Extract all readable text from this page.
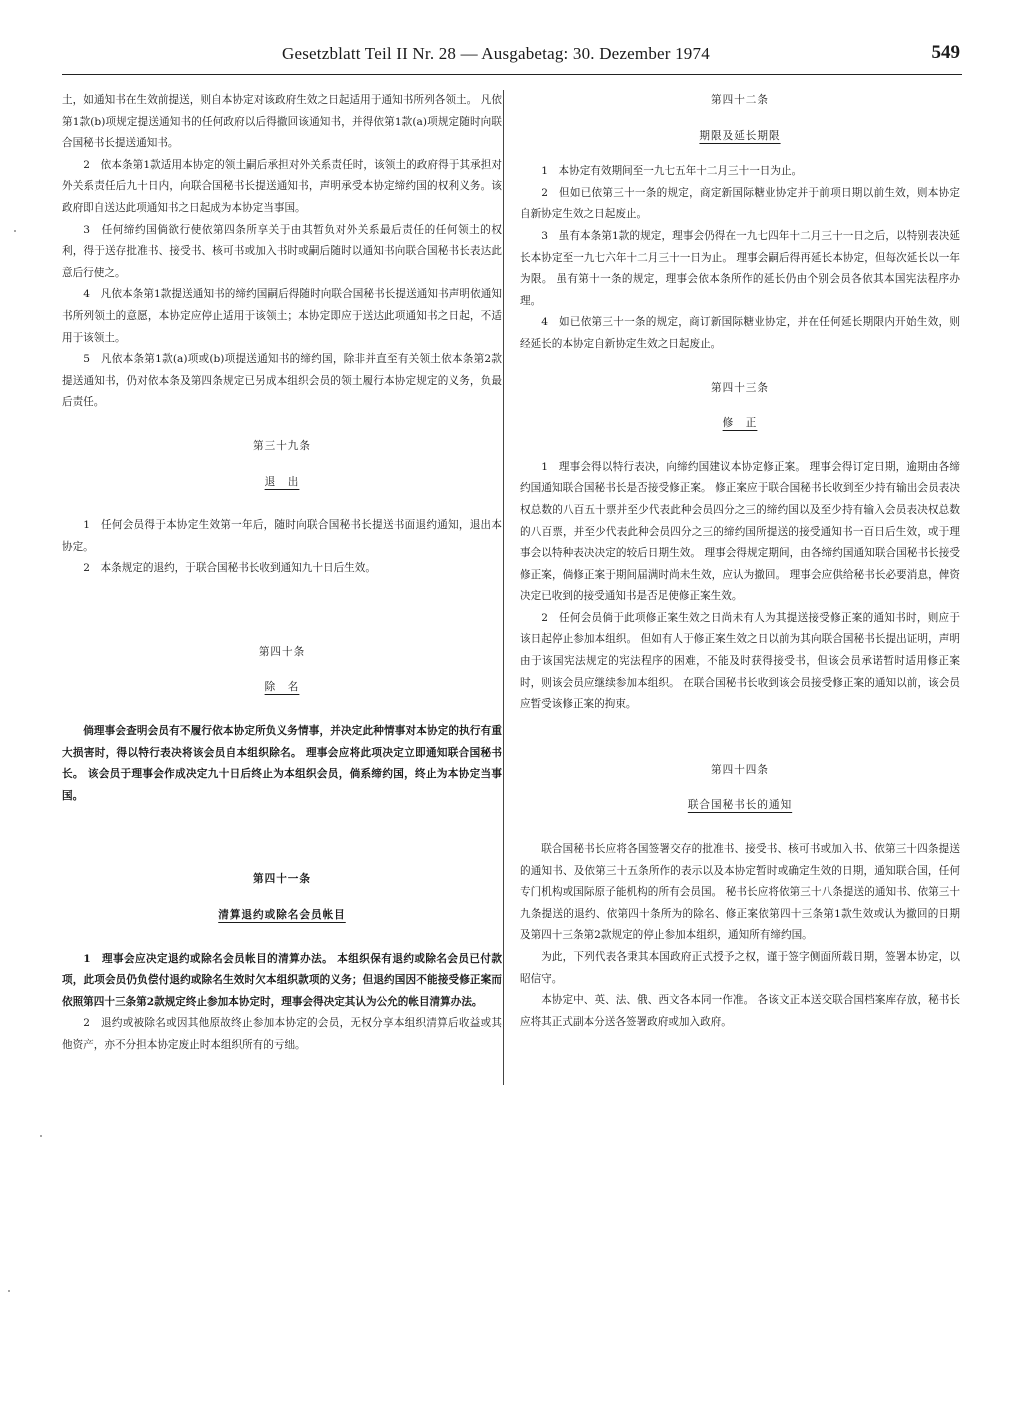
Gesetzblatt Teil II Nr. 28 — Ausgabetag: 30. Dezember 1974	549

土，如通知书在生效前提送，则自本协定对该政府生效之日起适用于通知书所列各领土。 凡依第1款(b)项规定提送通知书的任何政府以后得撤回该通知书，并得依第1款(a)项规定随时向联合国秘书长提送通知书。

2　依本条第1款适用本协定的领土嗣后承担对外关系责任时，该领土的政府得于其承担对外关系责任后九十日内，向联合国秘书长提送通知书，声明承受本协定缔约国的权利义务。该政府即自送达此项通知书之日起成为本协定当事国。

3　任何缔约国倘欲行使依第四条所享关于由其暂负对外关系最后责任的任何领土的权利，得于送存批准书、接受书、核可书或加入书时或嗣后随时以通知书向联合国秘书长表达此意后行使之。

4　凡依本条第1款提送通知书的缔约国嗣后得随时向联合国秘书长提送通知书声明依通知书所列领土的意愿，本协定应停止适用于该领土；本协定即应于送达此项通知书之日起，不适用于该领土。

5　凡依本条第1款(a)项或(b)项提送通知书的缔约国，除非并直至有关领土依本条第2款提送通知书，仍对依本条及第四条规定已另成本组织会员的领土履行本协定规定的义务，负最后责任。

第三十九条

退　出

1　任何会员得于本协定生效第一年后，随时向联合国秘书长提送书面退约通知，退出本协定。

2　本条规定的退约，于联合国秘书长收到通知九十日后生效。

第四十条

除　名

倘理事会查明会员有不履行依本协定所负义务情事，并决定此种情事对本协定的执行有重大损害时，得以特行表决将该会员自本组织除名。 理事会应将此项决定立即通知联合国秘书长。 该会员于理事会作成决定九十日后终止为本组织会员，倘系缔约国，终止为本协定当事国。

第四十一条

清算退约或除名会员帐目

1　理事会应决定退约或除名会员帐目的清算办法。 本组织保有退约或除名会员已付款项，此项会员仍负偿付退约或除名生效时欠本组织款项的义务；但退约国因不能接受修正案而依照第四十三条第2款规定终止参加本协定时，理事会得决定其认为公允的帐目清算办法。

2　退约或被除名或因其他原故终止参加本协定的会员，无权分享本组织清算后收益或其他资产，亦不分担本协定废止时本组织所有的亏绌。

第四十二条

期限及延长期限

1　本协定有效期间至一九七五年十二月三十一日为止。

2　但如已依第三十一条的规定，商定新国际糖业协定并于前项日期以前生效，则本协定自新协定生效之日起废止。

3　虽有本条第1款的规定，理事会仍得在一九七四年十二月三十一日之后，以特别表决延长本协定至一九七六年十二月三十一日为止。 理事会嗣后得再延长本协定，但每次延长以一年为限。 虽有第十一条的规定，理事会依本条所作的延长仍由个别会员各依其本国宪法程序办理。

4　如已依第三十一条的规定，商订新国际糖业协定，并在任何延长期限内开始生效，则经延长的本协定自新协定生效之日起废止。

第四十三条

修　正

1　理事会得以特行表决，向缔约国建议本协定修正案。 理事会得订定日期，逾期由各缔约国通知联合国秘书长是否接受修正案。 修正案应于联合国秘书长收到至少持有输出会员表决权总数的八百五十票并至少代表此种会员四分之三的缔约国以及至少持有输入会员表决权总数的八百票，并至少代表此种会员四分之三的缔约国所提送的接受通知书一百日后生效，或于理事会以特种表决决定的较后日期生效。 理事会得规定期间，由各缔约国通知联合国秘书长接受修正案，倘修正案于期间届满时尚未生效，应认为撤回。 理事会应供给秘书长必要消息，俾资决定已收到的接受通知书是否足使修正案生效。

2　任何会员倘于此项修正案生效之日尚未有人为其提送接受修正案的通知书时，则应于该日起停止参加本组织。 但如有人于修正案生效之日以前为其向联合国秘书长提出证明，声明由于该国宪法规定的宪法程序的困难，不能及时获得接受书，但该会员承诺暂时适用修正案时，则该会员应继续参加本组织。 在联合国秘书长收到该会员接受修正案的通知以前，该会员应暂受该修正案的拘束。

第四十四条

联合国秘书长的通知

联合国秘书长应将各国签署交存的批准书、接受书、核可书或加入书、依第三十四条提送的通知书、及依第三十五条所作的表示以及本协定暂时或确定生效的日期，通知联合国，任何专门机构或国际原子能机构的所有会员国。 秘书长应将依第三十八条提送的通知书、依第三十九条提送的退约、依第四十条所为的除名、修正案依第四十三条第1款生效或认为撤回的日期及第四十三条第2款规定的停止参加本组织，通知所有缔约国。

为此，下列代表各秉其本国政府正式授予之权，谨于签字侧面所载日期，签署本协定，以昭信守。

本协定中、英、法、俄、西文各本同一作准。 各该文正本送交联合国档案库存放，秘书长应将其正式副本分送各签署政府或加入政府。
